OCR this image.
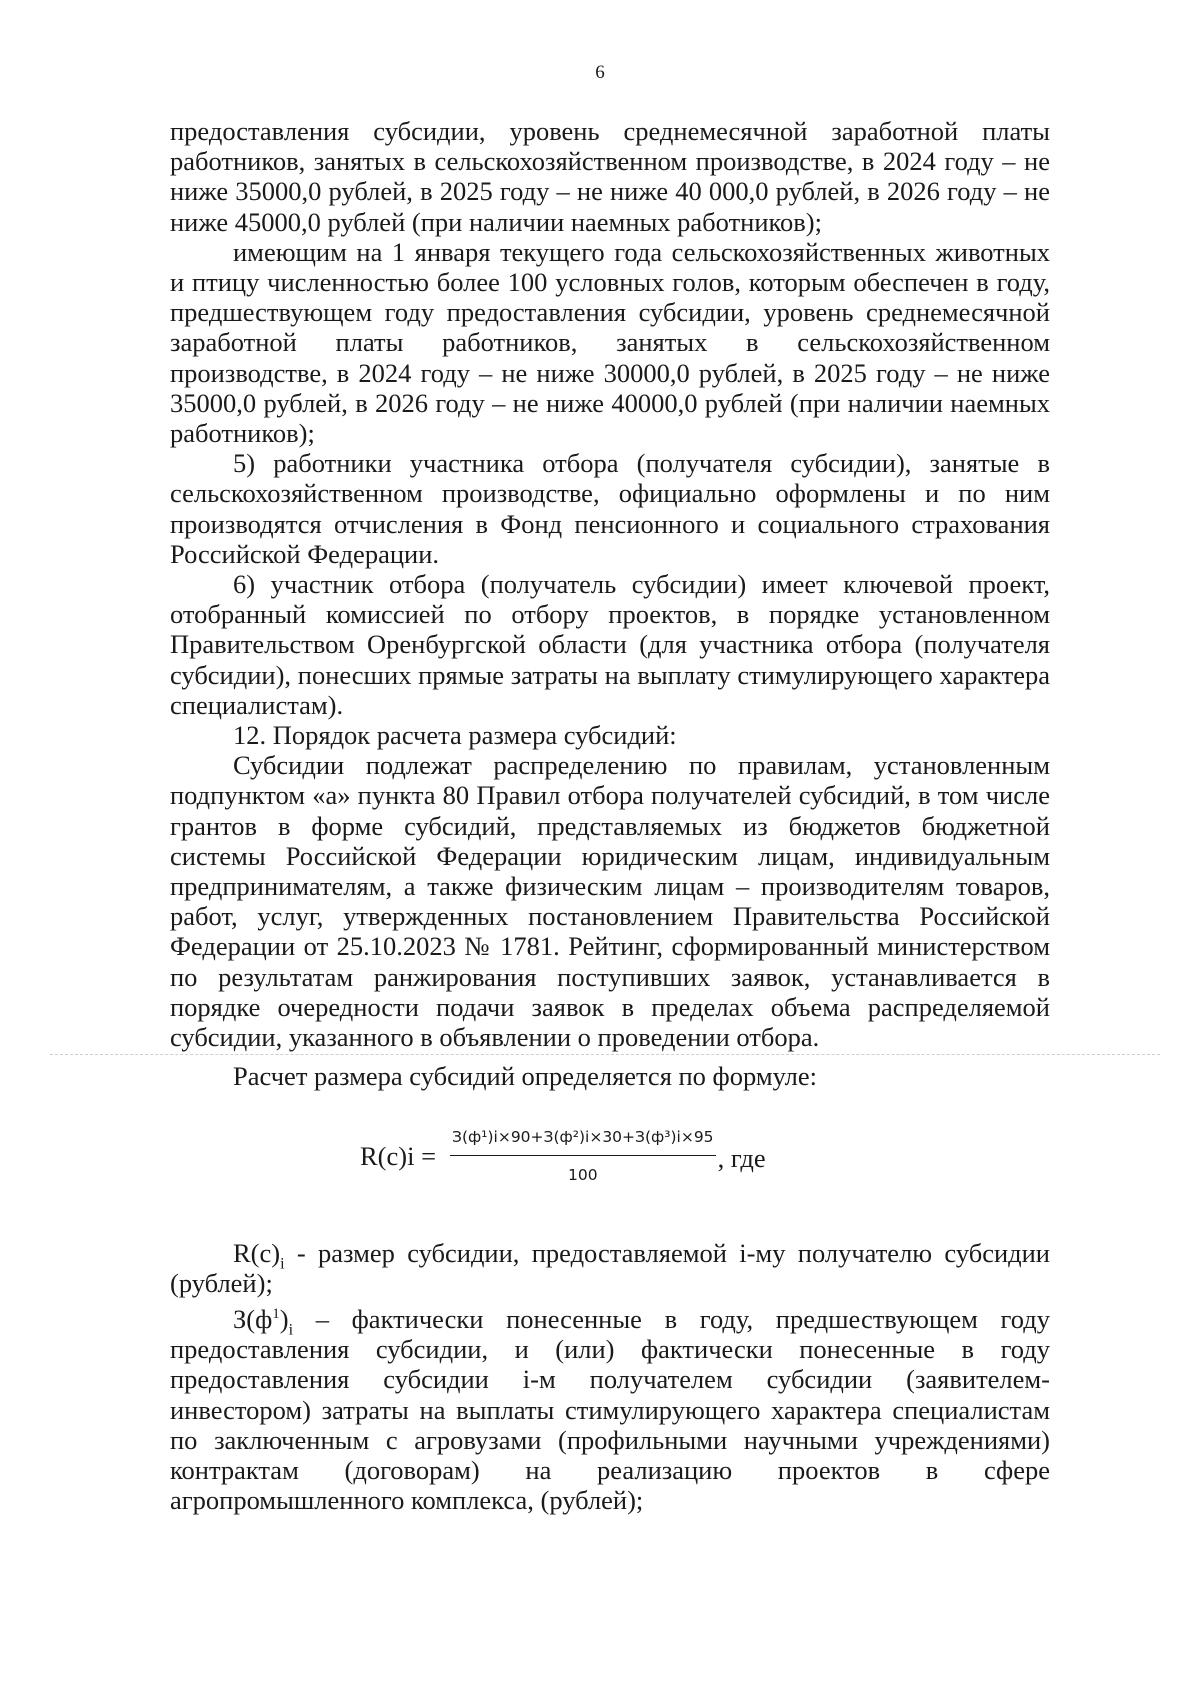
6

предоставления субсидии, уровень среднемесячной заработной платы работников, занятых в сельскохозяйственном производстве, в 2024 году – не ниже 35000,0 рублей, в 2025 году – не ниже 40 000,0 рублей, в 2026 году – не ниже 45000,0 рублей (при наличии наемных работников);

имеющим на 1 января текущего года сельскохозяйственных животных и птицу численностью более 100 условных голов, которым обеспечен в году, предшествующем году предоставления субсидии, уровень среднемесячной заработной платы работников, занятых в сельскохозяйственном производстве, в 2024 году – не ниже 30000,0 рублей, в 2025 году – не ниже 35000,0 рублей, в 2026 году – не ниже 40000,0 рублей (при наличии наемных работников);

5) работники участника отбора (получателя субсидии), занятые в сельскохозяйственном производстве, официально оформлены и по ним производятся отчисления в Фонд пенсионного и социального страхования Российской Федерации.

6) участник отбора (получатель субсидии) имеет ключевой проект, отобранный комиссией по отбору проектов, в порядке установленном Правительством Оренбургской области (для участника отбора (получателя субсидии), понесших прямые затраты на выплату стимулирующего характера специалистам).

12. Порядок расчета размера субсидий:

Субсидии подлежат распределению по правилам, установленным подпунктом «а» пункта 80 Правил отбора получателей субсидий, в том числе грантов в форме субсидий, представляемых из бюджетов бюджетной системы Российской Федерации юридическим лицам, индивидуальным предпринимателям, а также физическим лицам – производителям товаров, работ, услуг, утвержденных постановлением Правительства Российской Федерации от 25.10.2023 № 1781. Рейтинг, сформированный министерством по результатам ранжирования поступивших заявок, устанавливается в порядке очередности подачи заявок в пределах объема распределяемой субсидии, указанного в объявлении о проведении отбора.

Расчет размера субсидий определяется по формуле:

$R(c)i = \frac{\text{З(ф¹)i×90+З(ф²)i×30+З(ф³)i×95}}{100}$ , где

$R(c)_i$ - размер субсидии, предоставляемой i-му получателю субсидии (рублей);

$З(ф^1)_i$ – фактически понесенные в году, предшествующем году предоставления субсидии, и (или) фактически понесенные в году предоставления субсидии i-м получателем субсидии (заявителем-инвестором) затраты на выплаты стимулирующего характера специалистам по заключенным с агровузами (профильными научными учреждениями) контрактам (договорам) на реализацию проектов в сфере агропромышленного комплекса, (рублей);
